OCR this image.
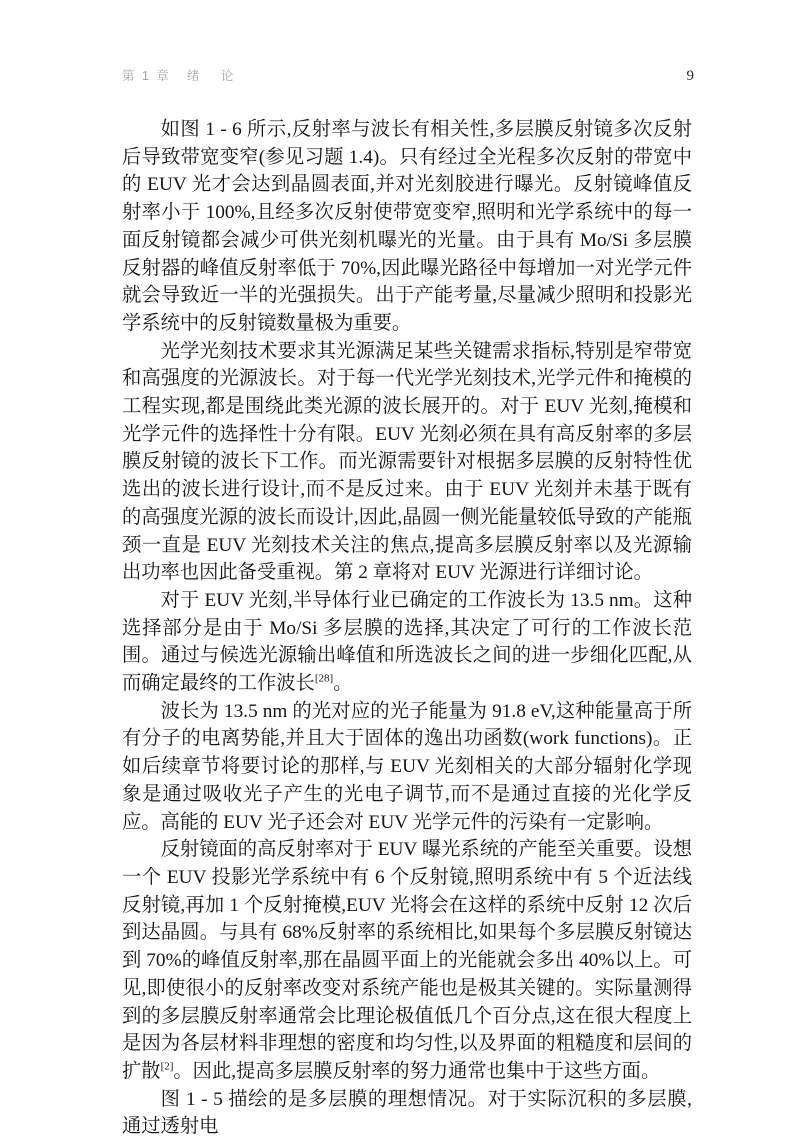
第 1 章 绪 论	9

如图 1 - 6 所示,反射率与波长有相关性,多层膜反射镜多次反射后导致带宽变窄(参见习题 1.4)。只有经过全光程多次反射的带宽中的 EUV 光才会达到晶圆表面,并对光刻胶进行曝光。反射镜峰值反射率小于 100%,且经多次反射使带宽变窄,照明和光学系统中的每一面反射镜都会减少可供光刻机曝光的光量。由于具有 Mo/Si 多层膜反射器的峰值反射率低于 70%,因此曝光路径中每增加一对光学元件就会导致近一半的光强损失。出于产能考量,尽量减少照明和投影光学系统中的反射镜数量极为重要。

光学光刻技术要求其光源满足某些关键需求指标,特别是窄带宽和高强度的光源波长。对于每一代光学光刻技术,光学元件和掩模的工程实现,都是围绕此类光源的波长展开的。对于 EUV 光刻,掩模和光学元件的选择性十分有限。EUV 光刻必须在具有高反射率的多层膜反射镜的波长下工作。而光源需要针对根据多层膜的反射特性优选出的波长进行设计,而不是反过来。由于 EUV 光刻并未基于既有的高强度光源的波长而设计,因此,晶圆一侧光能量较低导致的产能瓶颈一直是 EUV 光刻技术关注的焦点,提高多层膜反射率以及光源输出功率也因此备受重视。第 2 章将对 EUV 光源进行详细讨论。

对于 EUV 光刻,半导体行业已确定的工作波长为 13.5 nm。这种选择部分是由于 Mo/Si 多层膜的选择,其决定了可行的工作波长范围。通过与候选光源输出峰值和所选波长之间的进一步细化匹配,从而确定最终的工作波长[28]。

波长为 13.5 nm 的光对应的光子能量为 91.8 eV,这种能量高于所有分子的电离势能,并且大于固体的逸出功函数(work functions)。正如后续章节将要讨论的那样,与 EUV 光刻相关的大部分辐射化学现象是通过吸收光子产生的光电子调节,而不是通过直接的光化学反应。高能的 EUV 光子还会对 EUV 光学元件的污染有一定影响。

反射镜面的高反射率对于 EUV 曝光系统的产能至关重要。设想一个 EUV 投影光学系统中有 6 个反射镜,照明系统中有 5 个近法线反射镜,再加 1 个反射掩模,EUV 光将会在这样的系统中反射 12 次后到达晶圆。与具有 68%反射率的系统相比,如果每个多层膜反射镜达到 70%的峰值反射率,那在晶圆平面上的光能就会多出 40%以上。可见,即使很小的反射率改变对系统产能也是极其关键的。实际量测得到的多层膜反射率通常会比理论极值低几个百分点,这在很大程度上是因为各层材料非理想的密度和均匀性,以及界面的粗糙度和层间的扩散[2]。因此,提高多层膜反射率的努力通常也集中于这些方面。

图 1 - 5 描绘的是多层膜的理想情况。对于实际沉积的多层膜,通过透射电
